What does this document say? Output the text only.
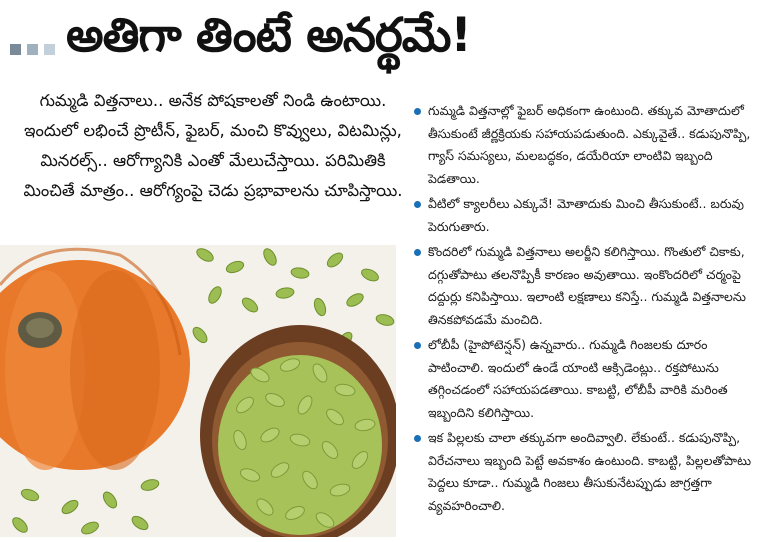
అతిగా తింటే అనర్థమే!
గుమ్మడి విత్తనాలు.. అనేక పోషకాలతో నిండి ఉంటాయి. ఇందులో లభించే ప్రొటీన్, ఫైబర్, మంచి కొవ్వులు, విటమిన్లు, మినరల్స్.. ఆరోగ్యానికి ఎంతో మేలుచేస్తాయి. పరిమితికి మించితే మాత్రం.. ఆరోగ్యంపై చెడు ప్రభావాలను చూపిస్తాయి.
గుమ్మడి విత్తనాల్లో ఫైబర్ అధికంగా ఉంటుంది. తక్కువ మోతాదులో తీసుకుంటే జీర్ణక్రియకు సహాయపడుతుంది. ఎక్కువైతే.. కడుపునొప్పి, గ్యాస్ సమస్యలు, మలబద్ధకం, డయేరియా లాంటివి ఇబ్బంది పెడతాయి.
వీటిలో క్యాలరీలు ఎక్కువే! మోతాదుకు మించి తీసుకుంటే.. బరువు పెరుగుతారు.
కొందరిలో గుమ్మడి విత్తనాలు అలర్జీని కలిగిస్తాయి. గొంతులో చికాకు, దగ్గుతోపాటు తలనొప్పికీ కారణం అవుతాయి. ఇంకొందరిలో చర్మంపై దద్దుర్లు కనిపిస్తాయి. ఇలాంటి లక్షణాలు కనిస్తే.. గుమ్మడి విత్తనాలను తినకపోవడమే మంచిది.
లోబీపీ (హైపోటెన్షన్) ఉన్నవారు.. గుమ్మడి గింజలకు దూరం పాటించాలి. ఇందులో ఉండే యాంటి ఆక్సిడెంట్లు.. రక్తపోటును తగ్గించడంలో సహాయపడతాయి. కాబట్టి, లోబీపీ వారికి మరింత ఇబ్బందిని కలిగిస్తాయి.
ఇక పిల్లలకు చాలా తక్కువగా అందివ్వాలి. లేకుంటే.. కడుపునొప్పి, విరేచనాలు ఇబ్బంది పెట్టే అవకాశం ఉంటుంది. కాబట్టి, పిల్లలతోపాటు పెద్దలు కూడా.. గుమ్మడి గింజలు తీసుకునేటప్పుడు జాగ్రత్తగా వ్యవహరించాలి.
